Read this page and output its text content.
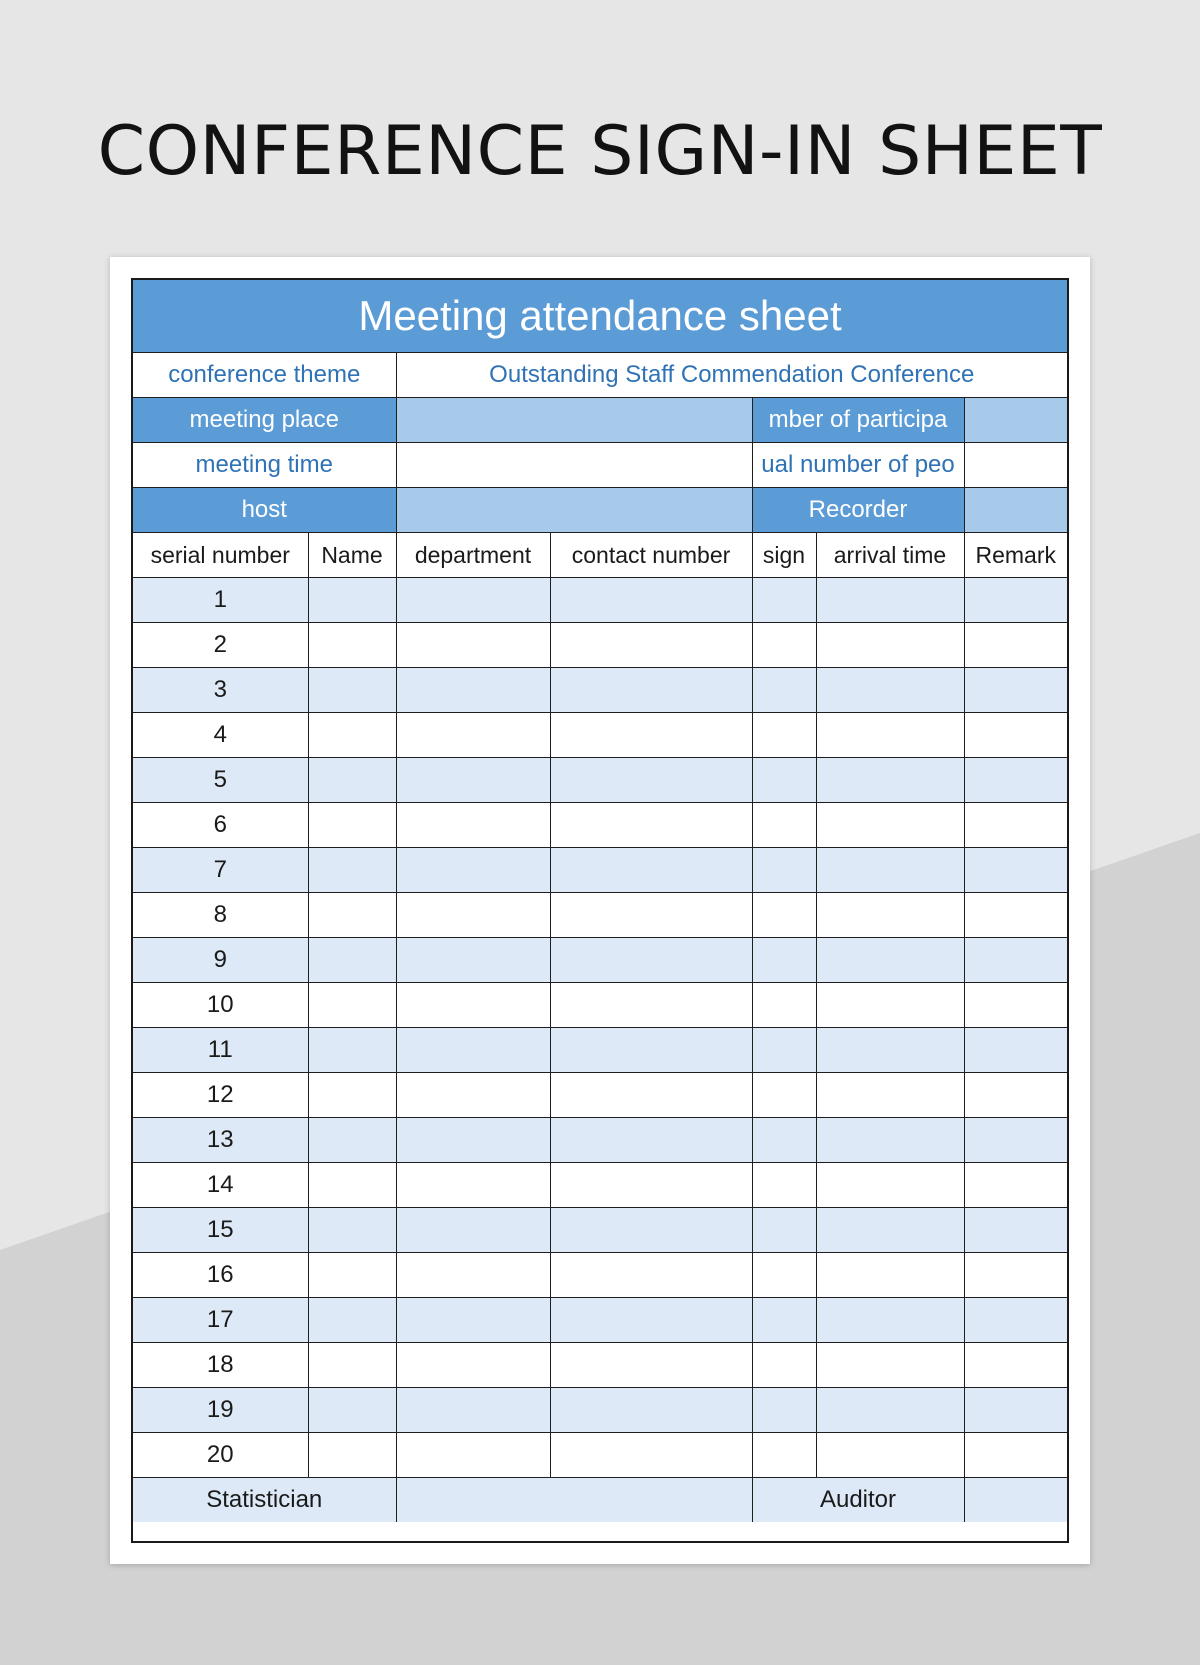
CONFERENCE SIGN-IN SHEET
Meeting attendance sheet						
conference theme		Outstanding Staff Commendation Conference				
meeting place				mber of participa		
meeting time				ual number of peo		
host				Recorder		
serial number	Name	department	contact number	sign	arrival time	Remark
1						
2						
3						
4						
5						
6						
7						
8						
9						
10						
11						
12						
13						
14						
15						
16						
17						
18						
19						
20						
Statistician				Auditor		
